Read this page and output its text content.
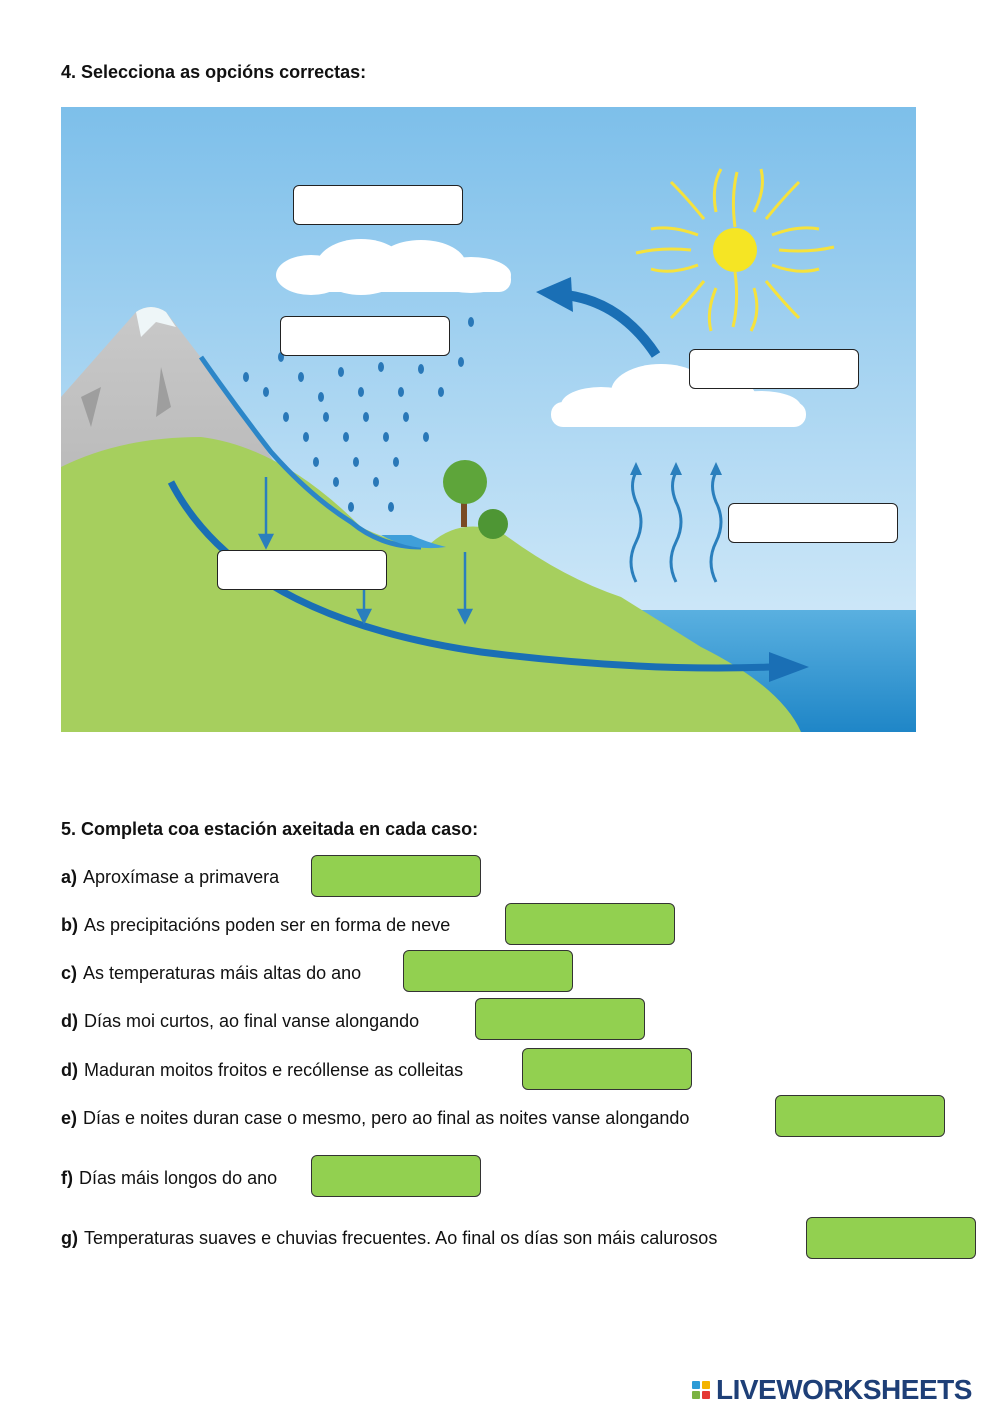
4. Selecciona as opcións correctas:
5. Completa coa estación axeitada en cada caso:
a) Aproxímase a primavera
b) As precipitacións poden ser en forma de neve
c) As temperaturas máis altas do ano
d) Días moi curtos, ao final vanse alongando
d) Maduran moitos froitos e recóllense as colleitas
e) Días e noites duran case o mesmo, pero ao final as noites vanse alongando
f) Días máis longos do ano
g) Temperaturas suaves e chuvias frecuentes. Ao final os días son máis calurosos
LIVEWORKSHEETS
